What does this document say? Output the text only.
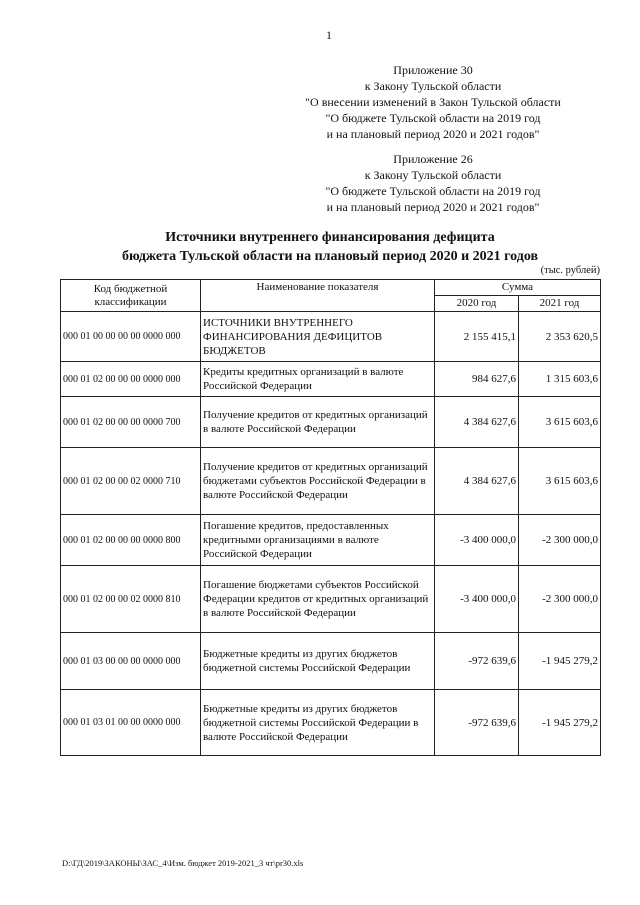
1
Приложение 30
к Закону Тульской области
"О внесении изменений в Закон Тульской области
"О бюджете Тульской области на 2019 год
и на плановый период 2020 и 2021 годов"
Приложение 26
к Закону Тульской области
"О бюджете Тульской области на 2019 год
и на плановый период 2020 и 2021 годов"
Источники внутреннего финансирования дефицита
бюджета Тульской области на плановый период 2020 и 2021 годов
(тыс. рублей)
Код бюджетной классификации	Наименование показателя	Сумма	
		2020 год	2021 год
000 01 00 00 00 00 0000 000	ИСТОЧНИКИ ВНУТРЕННЕГО ФИНАНСИРОВАНИЯ ДЕФИЦИТОВ БЮДЖЕТОВ	2 155 415,1	2 353 620,5
000 01 02 00 00 00 0000 000	Кредиты кредитных организаций в валюте Российской Федерации	984 627,6	1 315 603,6
000 01 02 00 00 00 0000 700	Получение кредитов от кредитных организаций в валюте Российской Федерации	4 384 627,6	3 615 603,6
000 01 02 00 00 02 0000 710	Получение кредитов от кредитных организаций бюджетами субъектов Российской Федерации в валюте Российской Федерации	4 384 627,6	3 615 603,6
000 01 02 00 00 00 0000 800	Погашение кредитов, предоставленных кредитными организациями в валюте Российской Федерации	-3 400 000,0	-2 300 000,0
000 01 02 00 00 02 0000 810	Погашение бюджетами субъектов Российской Федерации кредитов от кредитных организаций в валюте Российской Федерации	-3 400 000,0	-2 300 000,0
000 01 03 00 00 00 0000 000	Бюджетные кредиты из других бюджетов бюджетной системы Российской Федерации	-972 639,6	-1 945 279,2
000 01 03 01 00 00 0000 000	Бюджетные кредиты из других бюджетов бюджетной системы Российской Федерации в валюте Российской Федерации	-972 639,6	-1 945 279,2
D:\ГД\2019\ЗАКОНЫ\ЗАС_4\Изм. бюджет 2019-2021_3 чт\pr30.xls
